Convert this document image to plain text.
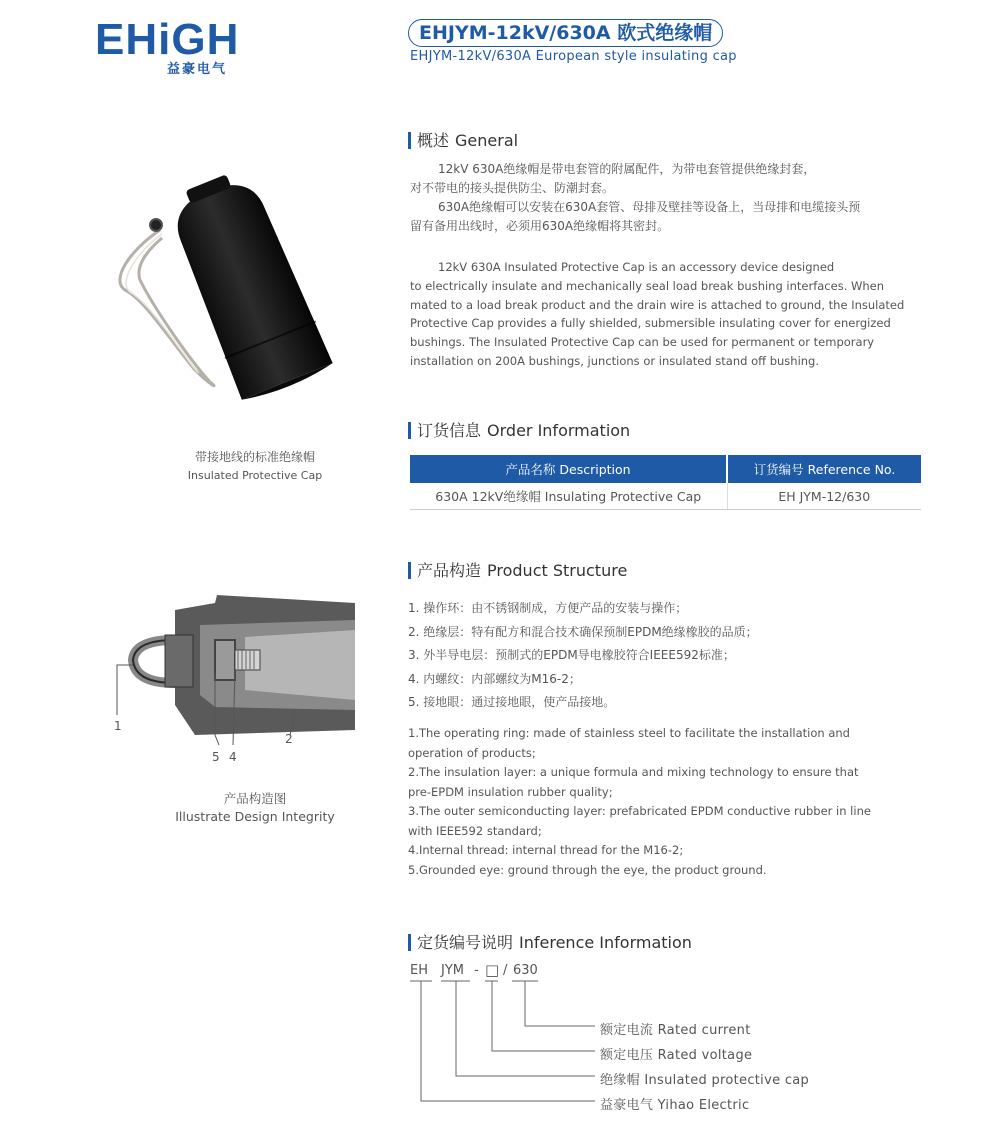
EHiGH
益豪电气
EHJYM-12kV/630A 欧式绝缘帽
EHJYM-12kV/630A European style insulating cap
概述 General

12kV 630A绝缘帽是带电套管的附属配件，为带电套管提供绝缘封套，

对不带电的接头提供防尘、防潮封套。

630A绝缘帽可以安装在630A套管、母排及壁挂等设备上，当母排和电缆接头预

留有备用出线时，必须用630A绝缘帽将其密封。

12kV 630A Insulated Protective Cap is an accessory device designed

to electrically insulate and mechanically seal load break bushing interfaces. When

mated to a load break product and the drain wire is attached to ground, the Insulated

Protective Cap provides a fully shielded, submersible insulating cover for energized

bushings. The Insulated Protective Cap can be used for permanent or temporary

installation on 200A bushings, junctions or insulated stand off bushing.

带接地线的标准绝缘帽
Insulated Protective Cap
订货信息 Order Information
产品名称 Description	订货编号 Reference No.
630A 12kV绝缘帽 Insulating Protective Cap	EH JYM-12/630
产品构造 Product Structure

1. 操作环：由不锈钢制成，方便产品的安装与操作；

2. 绝缘层：特有配方和混合技术确保预制EPDM绝缘橡胶的品质；

3. 外半导电层：预制式的EPDM导电橡胶符合IEEE592标准；

4. 内螺纹：内部螺纹为M16-2；

5. 接地眼：通过接地眼，使产品接地。

1.The operating ring: made of stainless steel to facilitate the installation and

operation of products;

2.The insulation layer: a unique formula and mixing technology to ensure that

pre-EPDM insulation rubber quality;

3.The outer semiconducting layer: prefabricated EPDM conductive rubber in line

with IEEE592 standard;

4.Internal thread: internal thread for the M16-2;

5.Grounded eye: ground through the eye, the product ground.

1
2
4
5
产品构造图
Illustrate Design Integrity
定货编号说明 Inference Information
EH JYM - □ / 630
额定电流 Rated current
额定电压 Rated voltage
绝缘帽 Insulated protective cap
益豪电气 Yihao Electric
